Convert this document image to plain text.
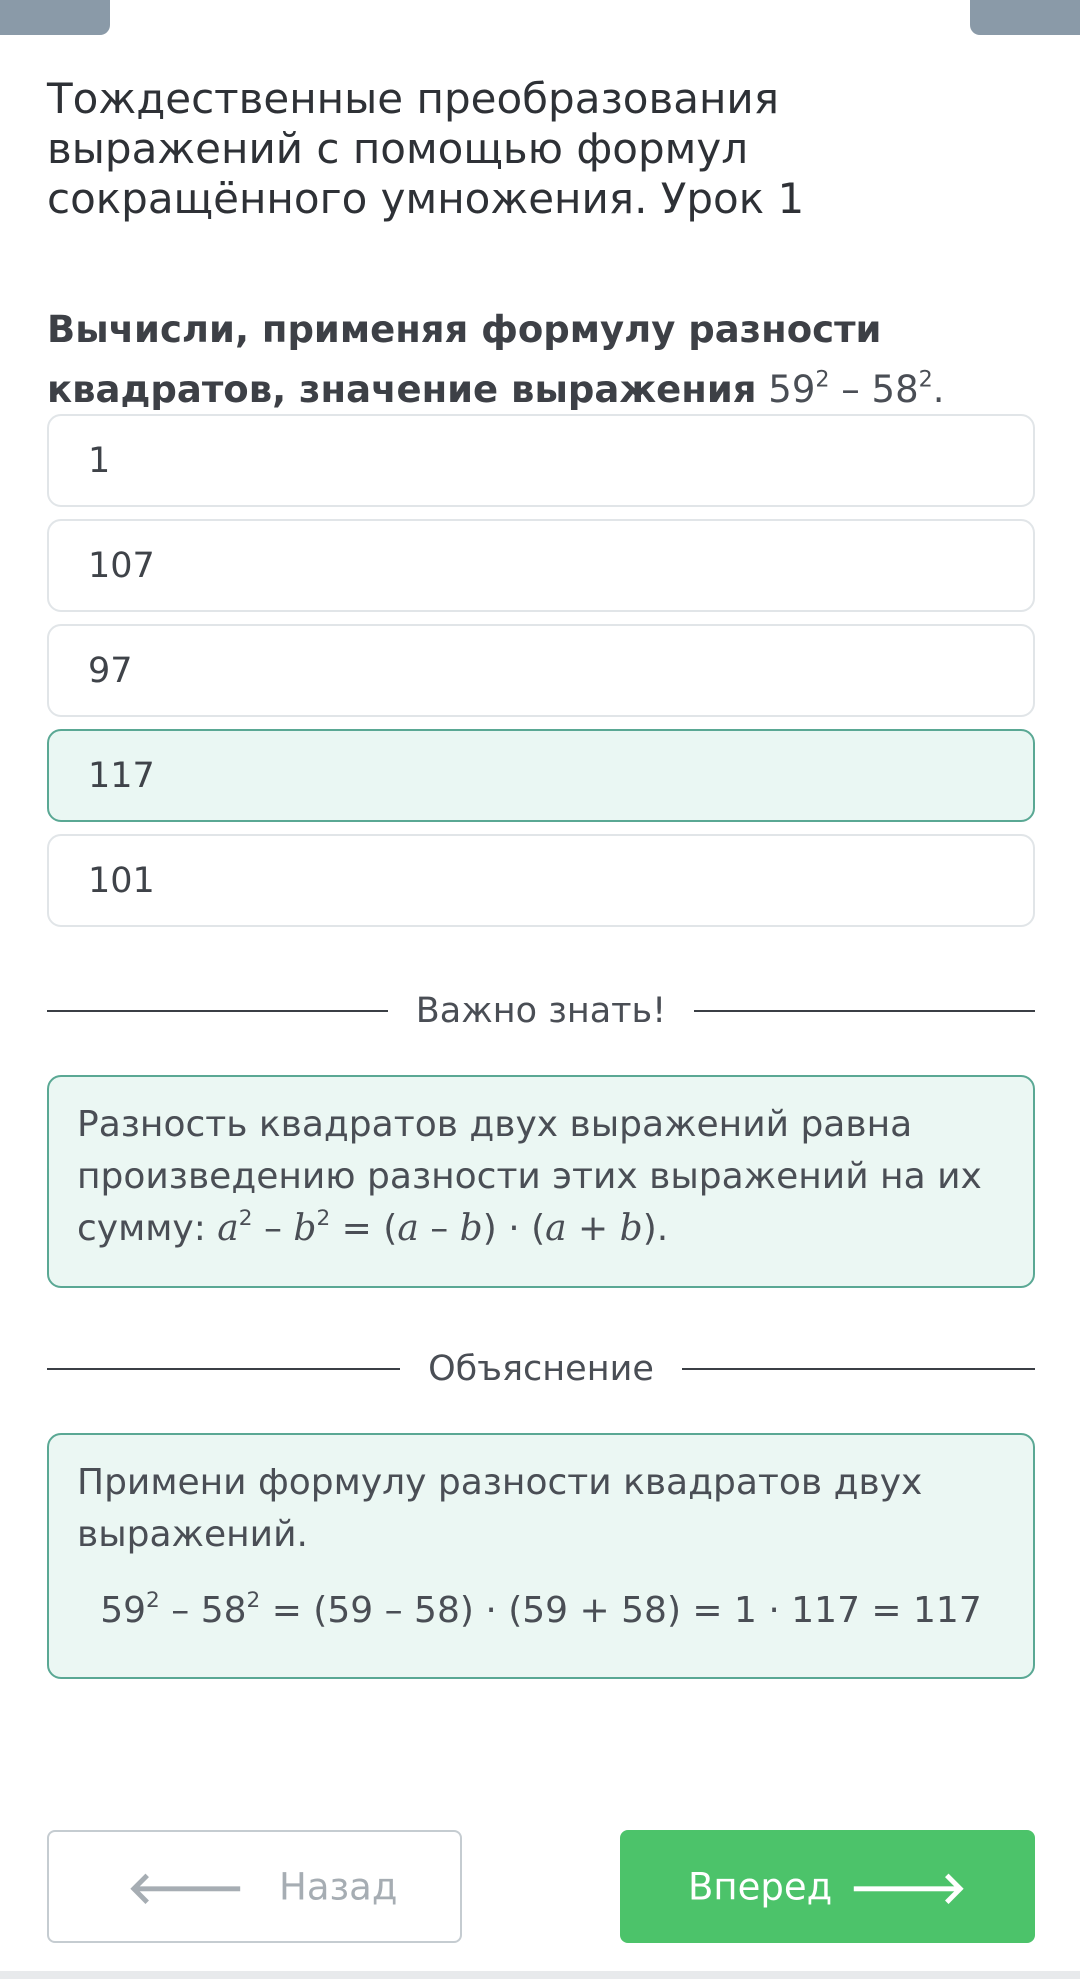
Тождественные преобразования выражений с помощью формул сокращённого умножения. Урок 1
Вычисли, применяя формулу разности квадратов, значение выражения $59^2 - 58^2$.
1
107
97
117
101
Важно знать!
Разность квадратов двух выражений равна произведению разности этих выражений на их сумму: $a^2 - b^2 = (a - b) \cdot (a + b)$.
Объяснение
Примени формулу разности квадратов двух выражений.
$59^2 - 58^2 = (59 - 58) \cdot (59 + 58) = 1 \cdot 117 = 117$
🡐 Назад	Вперед 🡒
